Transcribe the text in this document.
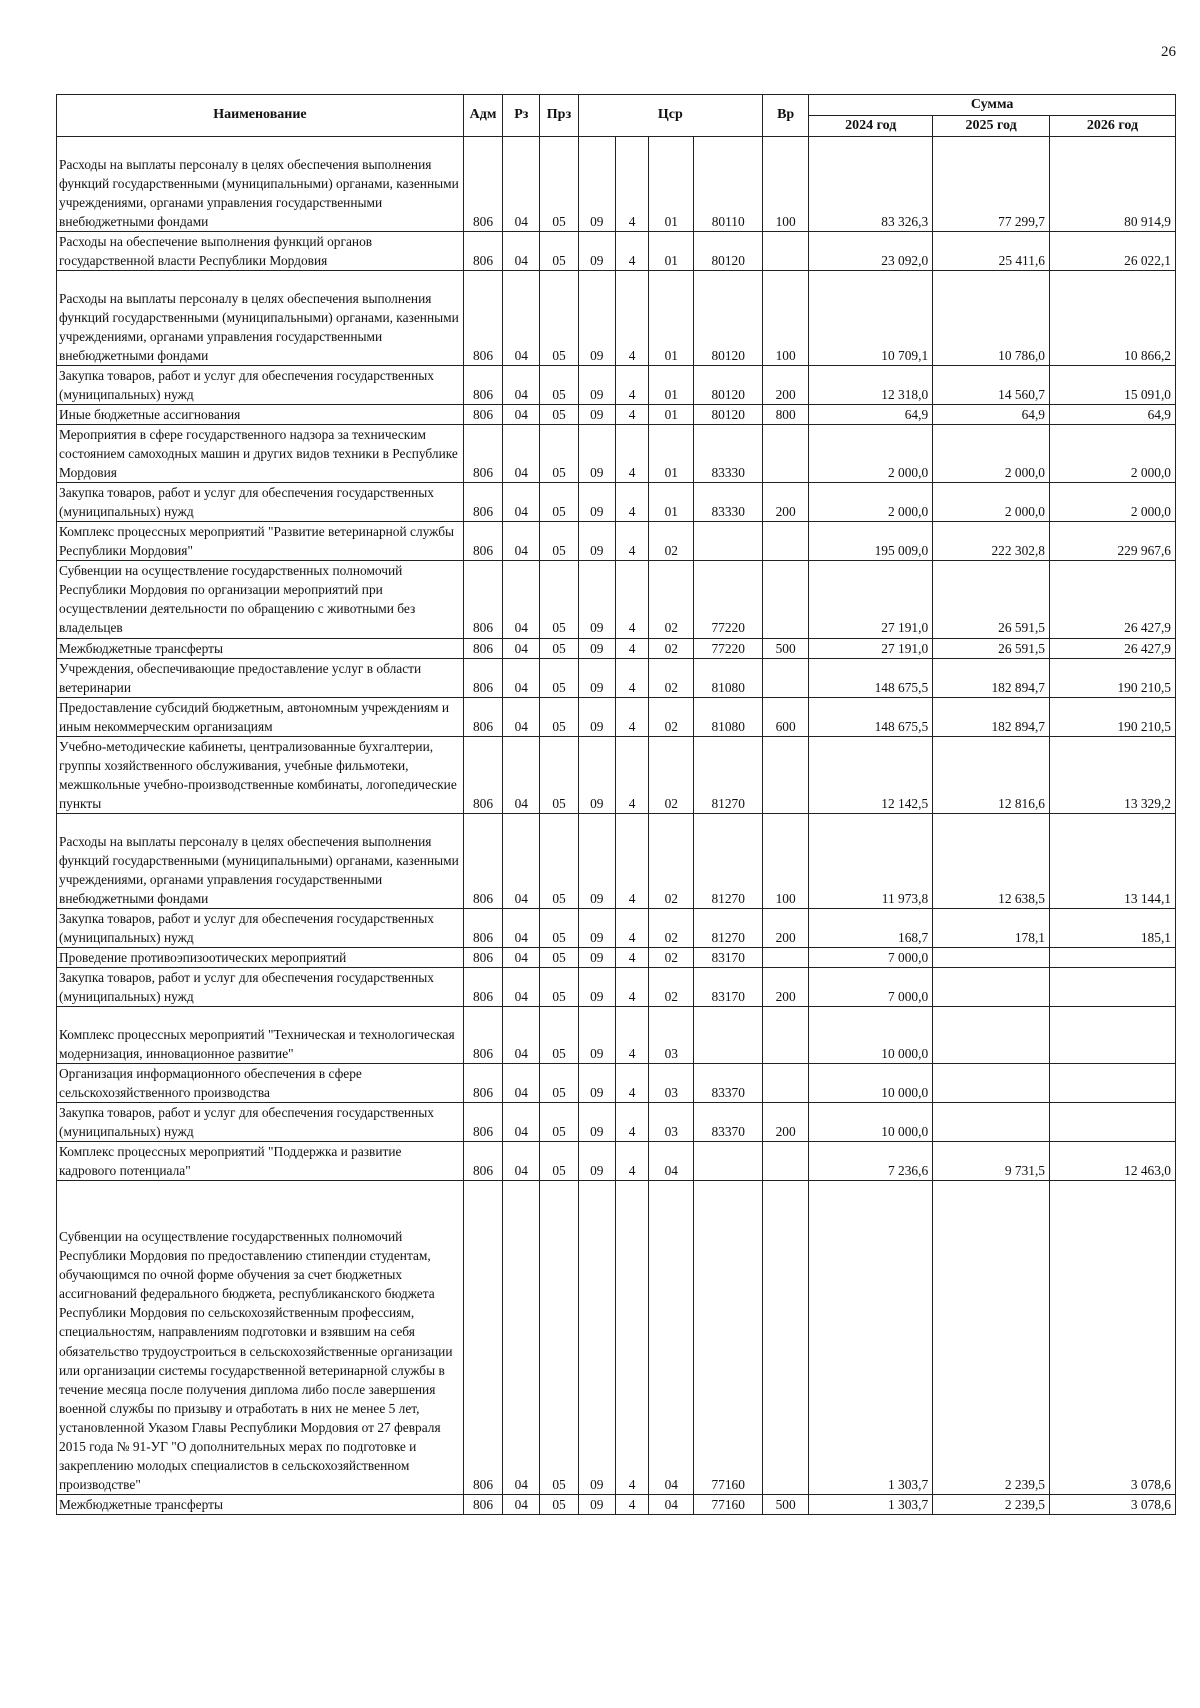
26
Наименование	Адм	Рз	Прз	Цср				Вр	Сумма		
									2024 год	2025 год	2026 год
Расходы на выплаты персоналу в целях обеспечения выполнения функций государственными (муниципальными) органами, казенными учреждениями, органами управления государственными внебюджетными фондами	806	04	05	09	4	01	80110	100	83 326,3	77 299,7	80 914,9
Расходы на обеспечение выполнения функций органов государственной власти Республики Мордовия	806	04	05	09	4	01	80120		23 092,0	25 411,6	26 022,1
Расходы на выплаты персоналу в целях обеспечения выполнения функций государственными (муниципальными) органами, казенными учреждениями, органами управления государственными внебюджетными фондами	806	04	05	09	4	01	80120	100	10 709,1	10 786,0	10 866,2
Закупка товаров, работ и услуг для обеспечения государственных (муниципальных) нужд	806	04	05	09	4	01	80120	200	12 318,0	14 560,7	15 091,0
Иные бюджетные ассигнования	806	04	05	09	4	01	80120	800	64,9	64,9	64,9
Мероприятия в сфере государственного надзора за техническим состоянием самоходных машин и других видов техники в Республике Мордовия	806	04	05	09	4	01	83330		2 000,0	2 000,0	2 000,0
Закупка товаров, работ и услуг для обеспечения государственных (муниципальных) нужд	806	04	05	09	4	01	83330	200	2 000,0	2 000,0	2 000,0
Комплекс процессных мероприятий "Развитие ветеринарной службы Республики Мордовия"	806	04	05	09	4	02			195 009,0	222 302,8	229 967,6
Субвенции на осуществление государственных полномочий Республики Мордовия по организации мероприятий при осуществлении деятельности по обращению с животными без владельцев	806	04	05	09	4	02	77220		27 191,0	26 591,5	26 427,9
Межбюджетные трансферты	806	04	05	09	4	02	77220	500	27 191,0	26 591,5	26 427,9
Учреждения, обеспечивающие предоставление услуг в области ветеринарии	806	04	05	09	4	02	81080		148 675,5	182 894,7	190 210,5
Предоставление субсидий бюджетным, автономным учреждениям и иным некоммерческим организациям	806	04	05	09	4	02	81080	600	148 675,5	182 894,7	190 210,5
Учебно-методические кабинеты, централизованные бухгалтерии, группы хозяйственного обслуживания, учебные фильмотеки, межшкольные учебно-производственные комбинаты, логопедические пункты	806	04	05	09	4	02	81270		12 142,5	12 816,6	13 329,2
Расходы на выплаты персоналу в целях обеспечения выполнения функций государственными (муниципальными) органами, казенными учреждениями, органами управления государственными внебюджетными фондами	806	04	05	09	4	02	81270	100	11 973,8	12 638,5	13 144,1
Закупка товаров, работ и услуг для обеспечения государственных (муниципальных) нужд	806	04	05	09	4	02	81270	200	168,7	178,1	185,1
Проведение противоэпизоотических мероприятий	806	04	05	09	4	02	83170		7 000,0		
Закупка товаров, работ и услуг для обеспечения государственных (муниципальных) нужд	806	04	05	09	4	02	83170	200	7 000,0		
Комплекс процессных мероприятий "Техническая и технологическая модернизация, инновационное развитие"	806	04	05	09	4	03			10 000,0		
Организация информационного обеспечения в сфере сельскохозяйственного производства	806	04	05	09	4	03	83370		10 000,0		
Закупка товаров, работ и услуг для обеспечения государственных (муниципальных) нужд	806	04	05	09	4	03	83370	200	10 000,0		
Комплекс процессных мероприятий "Поддержка и развитие кадрового потенциала"	806	04	05	09	4	04			7 236,6	9 731,5	12 463,0
Субвенции на осуществление государственных полномочий Республики Мордовия по предоставлению стипендии студентам, обучающимся по очной форме обучения за счет бюджетных ассигнований федерального бюджета, республиканского бюджета Республики Мордовия по сельскохозяйственным профессиям, специальностям, направлениям подготовки и взявшим на себя обязательство трудоустроиться в сельскохозяйственные организации или организации системы государственной ветеринарной службы в течение месяца после получения диплома либо после завершения военной службы по призыву и отработать в них не менее 5 лет, установленной Указом Главы Республики Мордовия от 27 февраля 2015 года № 91-УГ "О дополнительных мерах по подготовке и закреплению молодых специалистов в сельскохозяйственном производстве"	806	04	05	09	4	04	77160		1 303,7	2 239,5	3 078,6
Межбюджетные трансферты	806	04	05	09	4	04	77160	500	1 303,7	2 239,5	3 078,6
